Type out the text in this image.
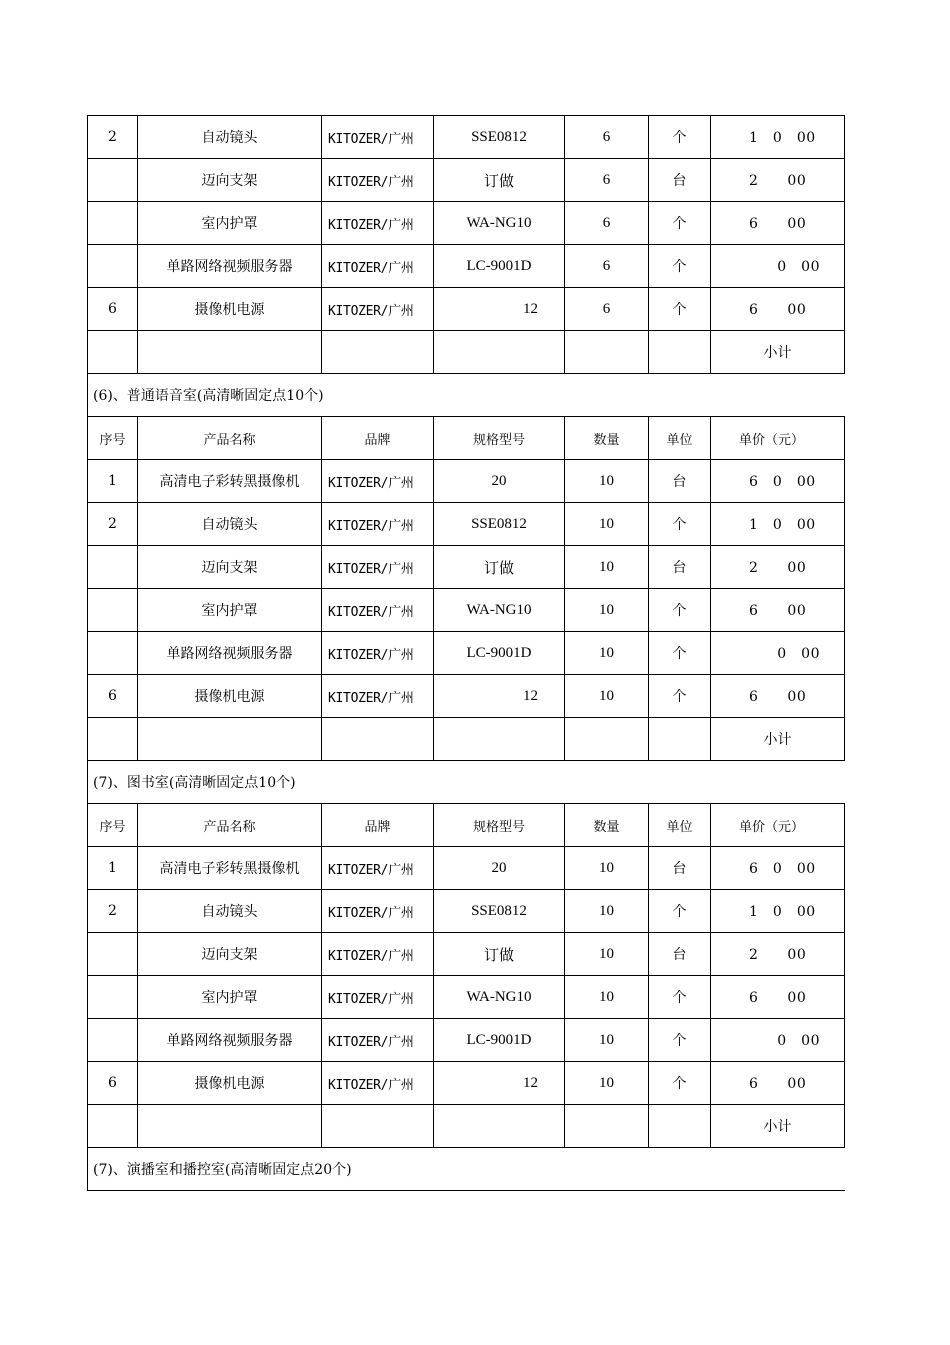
2	自动镜头	KITOZER/广州	SSE0812	6	个	1　0　00
	迈向支架	KITOZER/广州	订做	6	台	2　　00
	室内护罩	KITOZER/广州	WA-NG10	6	个	6　　00
	单路网络视频服务器	KITOZER/广州	LC-9001D	6	个	0　00
6	摄像机电源	KITOZER/广州	12	6	个	6　　00
						小计
(6)、普通语音室(高清晰固定点10个)						
序号	产品名称	品牌	规格型号	数量	单位	单价（元）
1	高清电子彩转黑摄像机	KITOZER/广州	20	10	台	6　0　00
2	自动镜头	KITOZER/广州	SSE0812	10	个	1　0　00
	迈向支架	KITOZER/广州	订做	10	台	2　　00
	室内护罩	KITOZER/广州	WA-NG10	10	个	6　　00
	单路网络视频服务器	KITOZER/广州	LC-9001D	10	个	0　00
6	摄像机电源	KITOZER/广州	12	10	个	6　　00
						小计
(7)、图书室(高清晰固定点10个)						
序号	产品名称	品牌	规格型号	数量	单位	单价（元）
1	高清电子彩转黑摄像机	KITOZER/广州	20	10	台	6　0　00
2	自动镜头	KITOZER/广州	SSE0812	10	个	1　0　00
	迈向支架	KITOZER/广州	订做	10	台	2　　00
	室内护罩	KITOZER/广州	WA-NG10	10	个	6　　00
	单路网络视频服务器	KITOZER/广州	LC-9001D	10	个	0　00
6	摄像机电源	KITOZER/广州	12	10	个	6　　00
						小计
(7)、演播室和播控室(高清晰固定点20个)						
